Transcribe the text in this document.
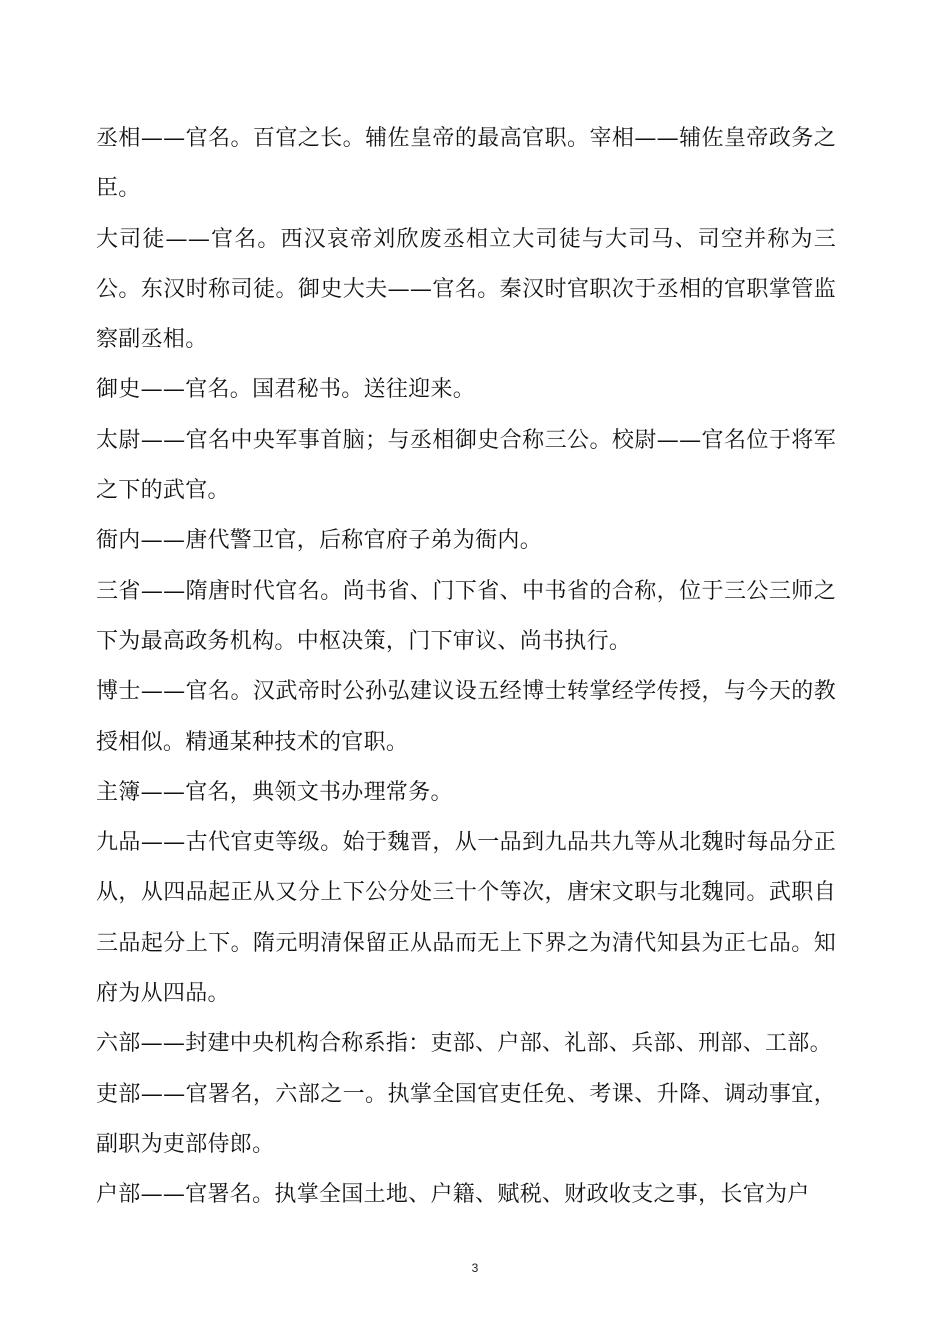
丞相——官名。百官之长。辅佐皇帝的最高官职。宰相——辅佐皇帝政务之臣。

大司徒——官名。西汉哀帝刘欣废丞相立大司徒与大司马、司空并称为三公。东汉时称司徒。御史大夫——官名。秦汉时官职次于丞相的官职掌管监察副丞相。

御史——官名。国君秘书。送往迎来。

太尉——官名中央军事首脑；与丞相御史合称三公。校尉——官名位于将军之下的武官。

衙内——唐代警卫官，后称官府子弟为衙内。

三省——隋唐时代官名。尚书省、门下省、中书省的合称，位于三公三师之下为最高政务机构。中枢决策，门下审议、尚书执行。

博士——官名。汉武帝时公孙弘建议设五经博士转掌经学传授，与今天的教授相似。精通某种技术的官职。

主簿——官名，典领文书办理常务。

九品——古代官吏等级。始于魏晋，从一品到九品共九等从北魏时每品分正从，从四品起正从又分上下公分处三十个等次，唐宋文职与北魏同。武职自三品起分上下。隋元明清保留正从品而无上下界之为清代知县为正七品。知府为从四品。

六部——封建中央机构合称系指：吏部、户部、礼部、兵部、刑部、工部。

吏部——官署名，六部之一。执掌全国官吏任免、考课、升降、调动事宜，副职为吏部侍郎。

户部——官署名。执掌全国土地、户籍、赋税、财政收支之事，长官为户

3
